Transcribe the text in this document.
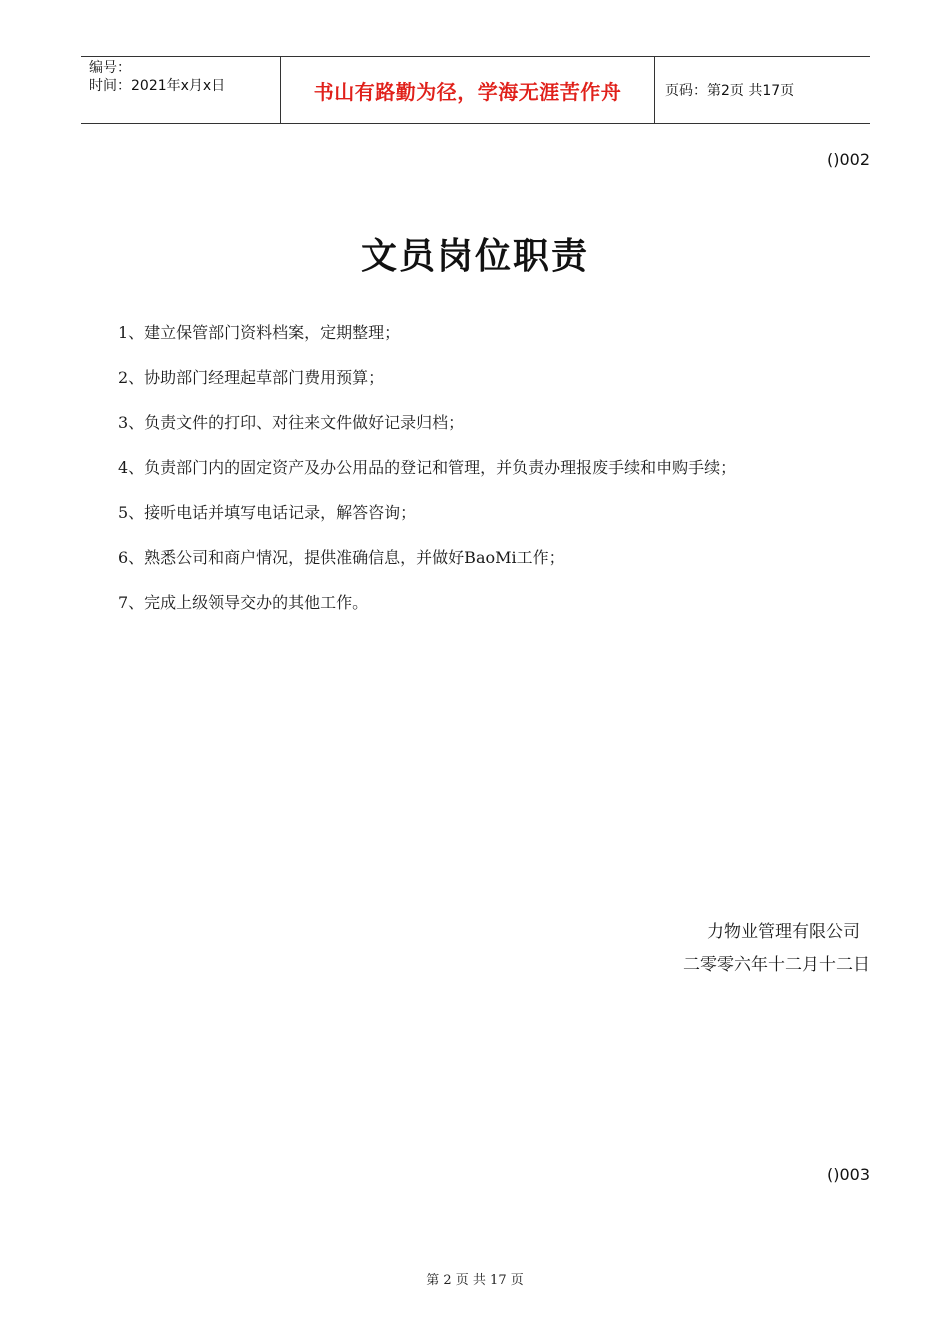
编号：
时间：2021年x月x日	书山有路勤为径，学海无涯苦作舟	页码：第2页 共17页
()002
文员岗位职责
1、建立保管部门资料档案，定期整理；
2、协助部门经理起草部门费用预算；
3、负责文件的打印、对往来文件做好记录归档；
4、负责部门内的固定资产及办公用品的登记和管理，并负责办理报废手续和申购手续；
5、接听电话并填写电话记录，解答咨询；
6、熟悉公司和商户情况，提供准确信息，并做好BaoMi工作；
7、完成上级领导交办的其他工作。
力物业管理有限公司
二零零六年十二月十二日
()003
第 2 页 共 17 页
